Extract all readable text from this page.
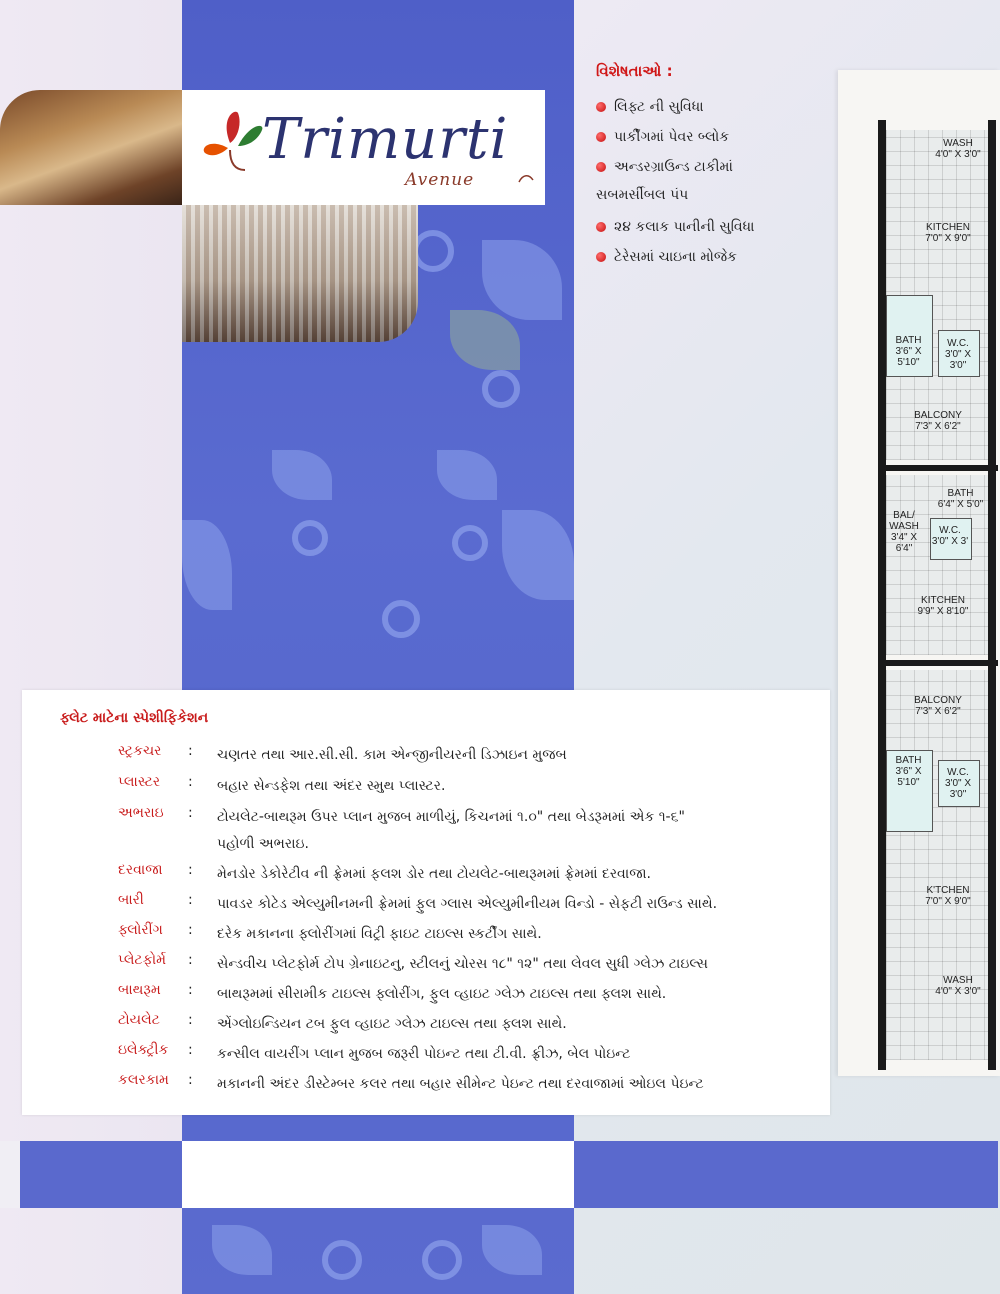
Trimurti
Avenue
વિશેષતાઓ :
લિફ્ટ ની સુવિધા
પાર્કીંગમાં પેવર બ્લોક
અન્ડરગ્રાઉન્ડ ટાકીમાં
સબમર્સીબલ પંપ
૨૪ કલાક પાનીની સુવિધા
ટેરેસમાં ચાઇના મોજેક
WASH
4'0" X 3'0"
KITCHEN
7'0" X 9'0"
BATH
3'6" X 5'10"
W.C.
3'0" X 3'0"
BALCONY
7'3" X 6'2"
BAL/ WASH
3'4" X 6'4"
BATH
6'4" X 5'0"
W.C.
3'0" X 3'
KITCHEN
9'9" X 8'10"
BALCONY
7'3" X 6'2"
BATH
3'6" X 5'10"
W.C.
3'0" X 3'0"
K'TCHEN
7'0" X 9'0"
WASH
4'0" X 3'0"
ફ્લેટ માટેના સ્પેશીફિકેશન
સ્ટ્રકચર : ચણતર તથા આર.સી.સી. કામ એન્જીનીયરની ડિઝાઇન મુજબ
પ્લાસ્ટર : બહાર સેન્ડફેશ તથા અંદર સ્મુથ પ્લાસ્ટર.
અભરાઇ : ટોયલેટ-બાથરૂમ ઉપર પ્લાન મુજબ માળીયું, કિચનમાં ૧.૦" તથા બેડરૂમમાં એક ૧-૬"
પહોળી અભરાઇ.
દરવાજા : મેનડોર ડેકોરેટીવ ની ફ્રેમમાં ફલશ ડોર તથા ટોયલેટ-બાથરૂમમાં ફ્રેમમાં દરવાજા.
બારી	: પાવડર કોટેડ એલ્યુમીનમની ફ્રેમમાં ફુલ ગ્લાસ એલ્યુમીનીયમ વિન્ડો - સેફટી રાઉન્ડ સાથે.
ફ્લોરીંગ : દરેક મકાનના ફ્લોરીંગમાં વિટ્રી ફાઇટ ટાઇલ્સ સ્કર્ટીંગ સાથે.
પ્લેટફોર્મ : સેન્ડવીચ પ્લેટફોર્મ ટોપ ગ્રેનાઇટનુ, સ્ટીલનું ચોરસ ૧૮" ૧૨" તથા લેવલ સુધી ગ્લેઝ ટાઇલ્સ
બાથરૂમ : બાથરૂમમાં સીરામીક ટાઇલ્સ ફ્લોરીંગ, ફુલ વ્હાઇટ ગ્લેઝ ટાઇલ્સ તથા ફ્લશ સાથે.
ટોયલેટ : એંગ્લોઇન્ડિયન ટબ ફુલ વ્હાઇટ ગ્લેઝ ટાઇલ્સ તથા ફ્લશ સાથે.
ઇલેક્ટ્રીક : કન્સીલ વાયરીંગ પ્લાન મુજબ જરૂરી પોઇન્ટ તથા ટી.વી. ફ્રીઝ, બેલ પોઇન્ટ
કલરકામ : મકાનની અંદર ડીસ્ટેમ્બર કલર તથા બહાર સીમેન્ટ પેઇન્ટ તથા દરવાજામાં ઓઇલ પેઇન્ટ
